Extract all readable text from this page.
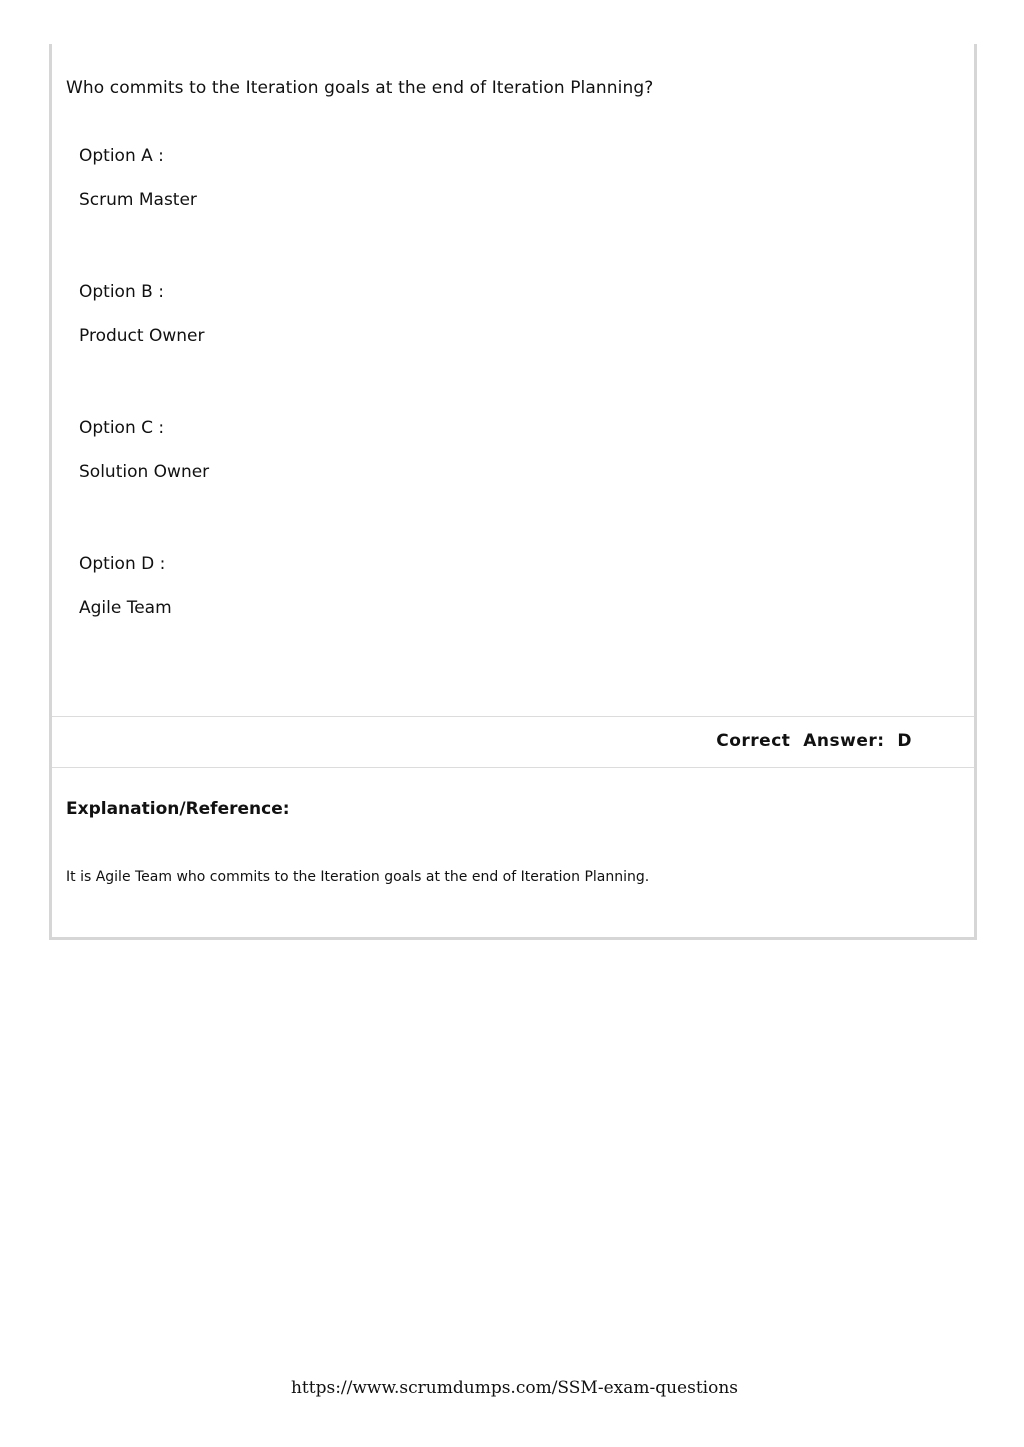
Who commits to the Iteration goals at the end of Iteration Planning?
Option A :
Scrum Master
Option B :
Product Owner
Option C :
Solution Owner
Option D :
Agile Team
Correct  Answer:  D
Explanation/Reference:
It is Agile Team who commits to the Iteration goals at the end of Iteration Planning.
https://www.scrumdumps.com/SSM-exam-questions
